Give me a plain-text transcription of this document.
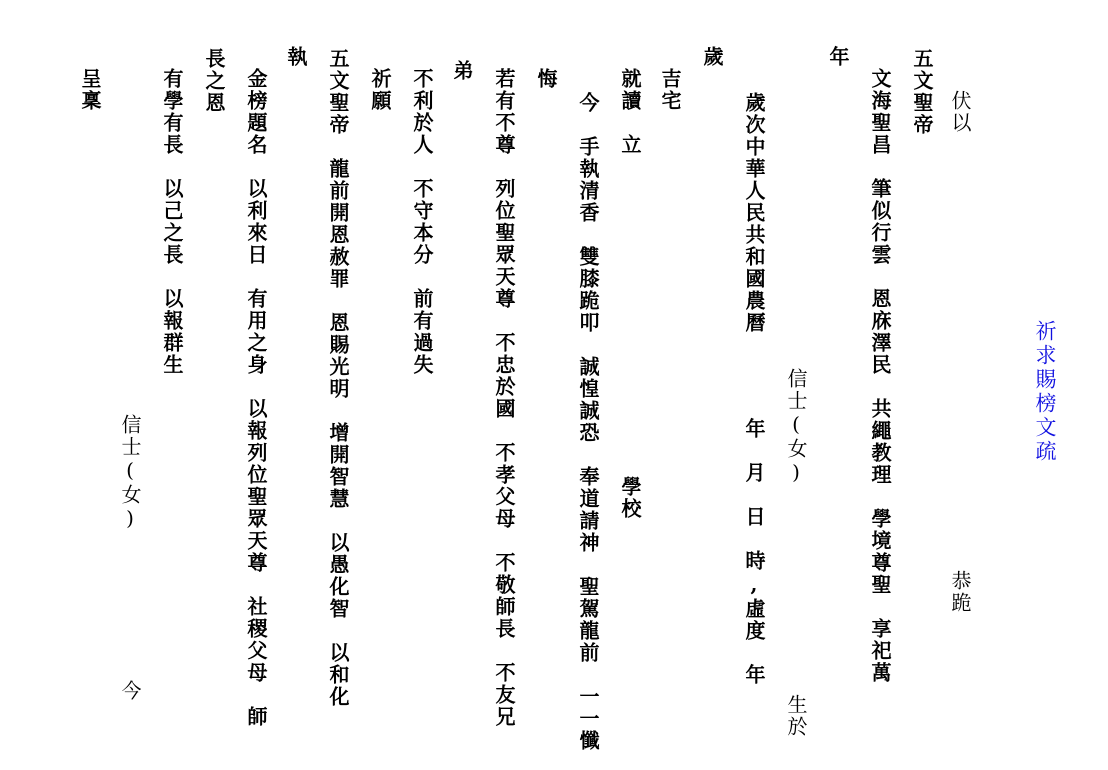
祈求賜榜文疏
伏以
恭跪
五文聖帝
文海聖昌　筆似行雲　恩庥澤民　共繩教理　學境尊聖　享祀萬
年
信士(女)
生於
歲次中華人民共和國農曆
年　月　日　時,虛度　年
歲
吉宅
就讀　立
學校
今　手執清香　雙膝跪叩　誠惶誠恐　奉道請神　聖駕龍前　一一懺
悔
若有不尊　列位聖眾天尊　不忠於國　不孝父母　不敬師長　不友兄
弟
不利於人　不守本分　前有過失
祈願
五文聖帝　龍前開恩赦罪　恩賜光明　增開智慧　以愚化智　以和化
執
金榜題名　以利來日　有用之身　以報列位聖眾天尊　社稷父母　師
長之恩
有學有長　以己之長　以報群生
信士(女)
今
呈稟
